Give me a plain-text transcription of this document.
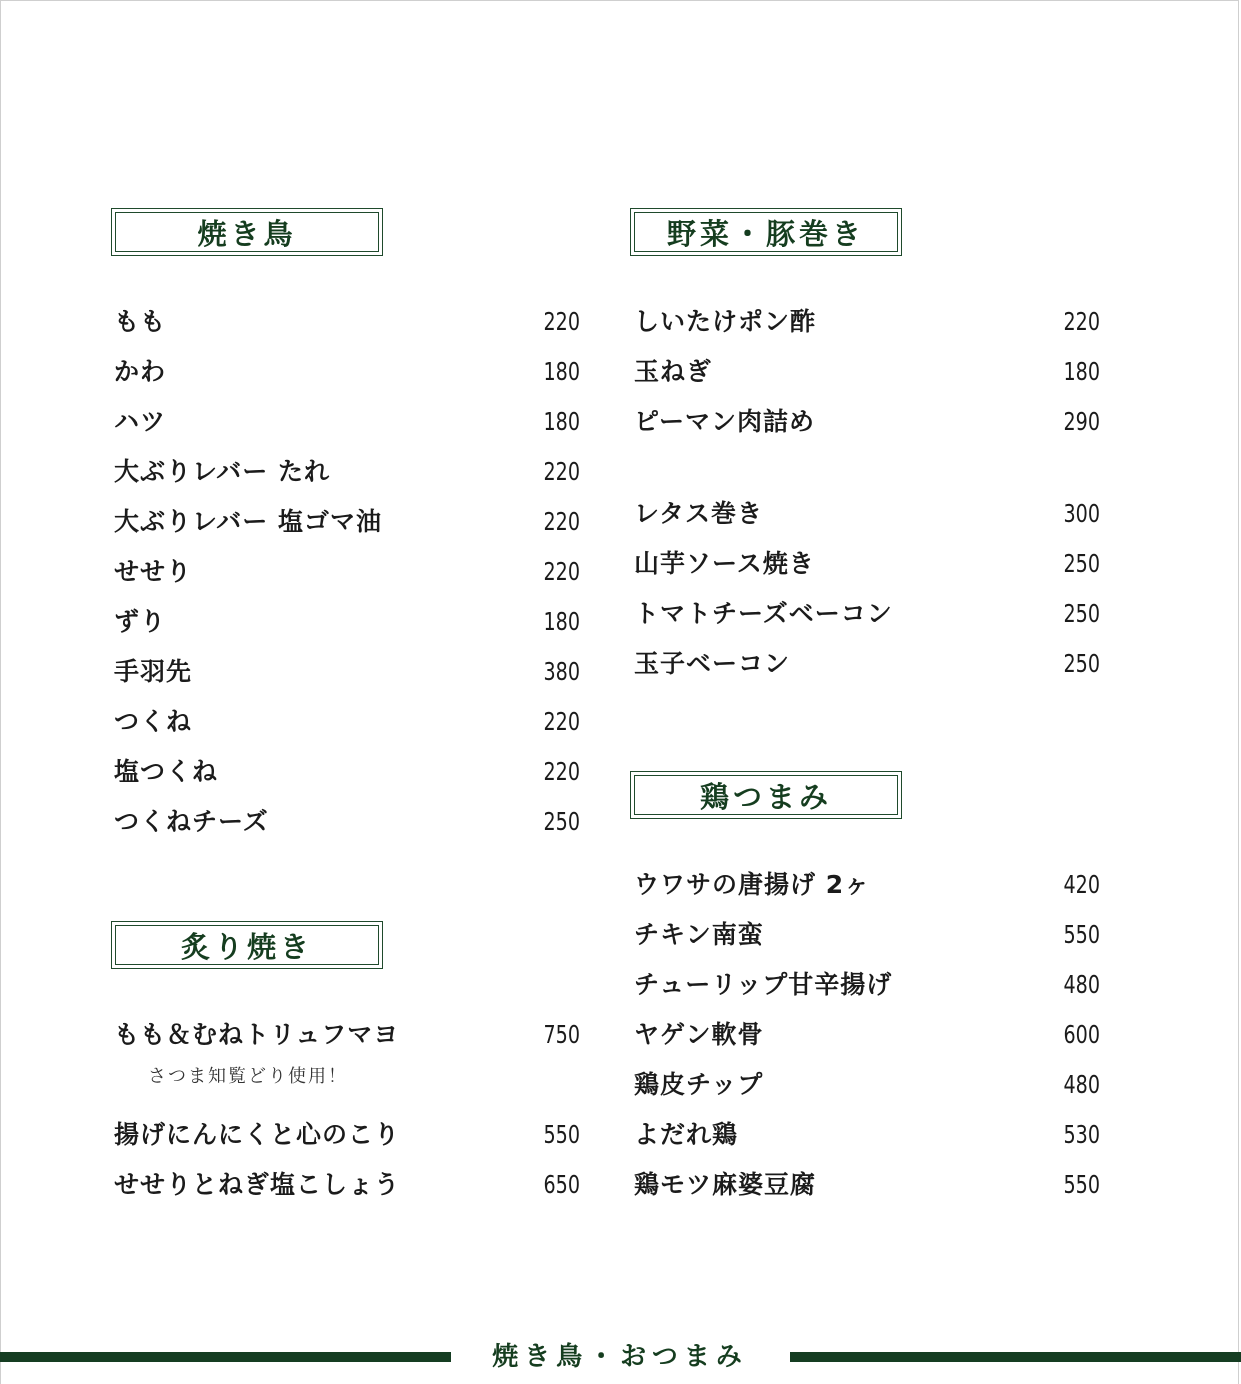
焼き鳥
もも	220
かわ	180
ハツ	180
大ぶりレバー たれ	220
大ぶりレバー 塩ゴマ油	220
せせり	220
ずり	180
手羽先	380
つくね	220
塩つくね	220
つくねチーズ	250
炙り焼き
もも＆むねトリュフマヨ	750
さつま知覧どり使用！
揚げにんにくと心のこり	550
せせりとねぎ塩こしょう	650
野菜・豚巻き
しいたけポン酢	220
玉ねぎ	180
ピーマン肉詰め	290
レタス巻き	300
山芋ソース焼き	250
トマトチーズベーコン	250
玉子ベーコン	250
鶏つまみ
ウワサの唐揚げ 2ヶ	420
チキン南蛮	550
チューリップ甘辛揚げ	480
ヤゲン軟骨	600
鶏皮チップ	480
よだれ鶏	530
鶏モツ麻婆豆腐	550
焼き鳥・おつまみ
